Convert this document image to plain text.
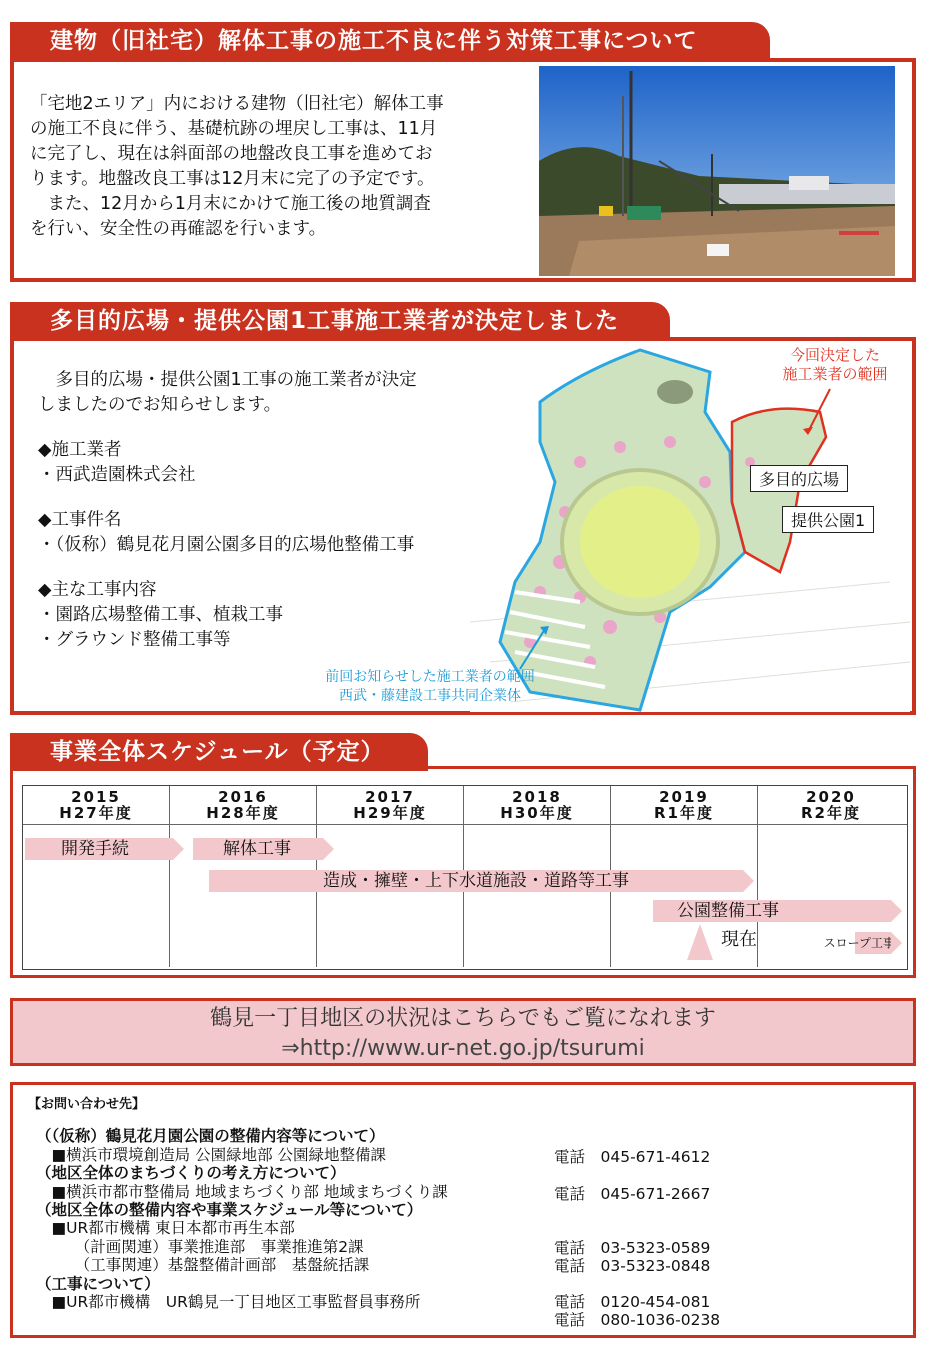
建物（旧社宅）解体工事の施工不良に伴う対策工事について
「宅地2エリア」内における建物（旧社宅）解体工事
の施工不良に伴う、基礎杭跡の埋戻し工事は、11月
に完了し、現在は斜面部の地盤改良工事を進めてお
ります。地盤改良工事は12月末に完了の予定です。
　また、12月から1月末にかけて施工後の地質調査
を行い、安全性の再確認を行います。
多目的広場・提供公園1工事施工業者が決定しました
　多目的広場・提供公園1工事の施工業者が決定
しましたのでお知らせします。
◆施工業者
・西武造園株式会社
◆工事件名
・（仮称）鶴見花月園公園多目的広場他整備工事
◆主な工事内容
・園路広場整備工事、植栽工事
・グラウンド整備工事等
今回決定した
施工業者の範囲
多目的広場
提供公園1
前回お知らせした施工業者の範囲
西武・藤建設工事共同企業体
事業全体スケジュール（予定）
2015
H27年度
2016
H28年度
2017
H29年度
2018
H30年度
2019
R1年度
2020
R2年度
開発手続	解体工事
造成・擁壁・上下水道施設・道路等工事
公園整備工事
スロープ工事
現在
鶴見一丁目地区の状況はこちらでもご覧になれます
⇒http://www.ur-net.go.jp/tsurumi
【お問い合わせ先】
（（仮称）鶴見花月園公園の整備内容等について）
　■横浜市環境創造局 公園緑地部 公園緑地整備課
（地区全体のまちづくりの考え方について）
　■横浜市都市整備局 地域まちづくり部 地域まちづくり課
（地区全体の整備内容や事業スケジュール等について）
　■UR都市機構 東日本都市再生本部
　　　（計画関連）事業推進部　事業推進第2課
　　　（工事関連）基盤整備計画部　基盤統括課
（工事について）
　■UR都市機構　UR鶴見一丁目地区工事監督員事務所
電話　045-671-4612
電話　045-671-2667
電話　03-5323-0589
電話　03-5323-0848
電話　0120-454-081
電話　080-1036-0238
